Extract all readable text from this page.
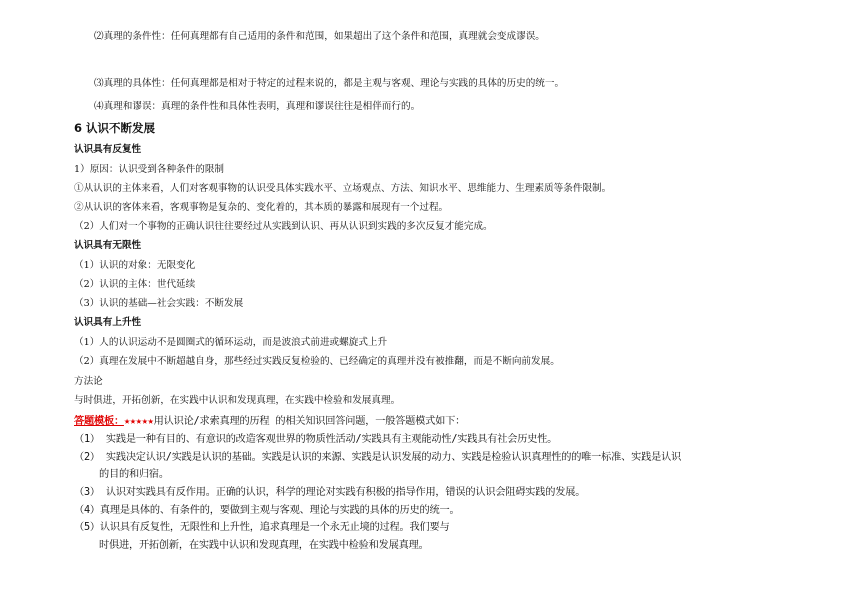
⑵真理的条件性：任何真理都有自己适用的条件和范围，如果超出了这个条件和范围，真理就会变成谬误。
⑶真理的具体性：任何真理都是相对于特定的过程来说的，都是主观与客观、理论与实践的具体的历史的统一。
⑷真理和谬误：真理的条件性和具体性表明，真理和谬误往往是相伴而行的。
6 认识不断发展
认识具有反复性
1）原因：认识受到各种条件的限制
①从认识的主体来看，人们对客观事物的认识受具体实践水平、立场观点、方法、知识水平、思维能力、生理素质等条件限制。
②从认识的客体来看，客观事物是复杂的、变化着的，其本质的暴露和展现有一个过程。
（2）人们对一个事物的正确认识往往要经过从实践到认识、再从认识到实践的多次反复才能完成。
认识具有无限性
（1）认识的对象：无限变化
（2）认识的主体：世代延续
（3）认识的基础—社会实践：不断发展
认识具有上升性
（1）人的认识运动不是圆圈式的循环运动，而是波浪式前进或螺旋式上升
（2）真理在发展中不断超越自身，那些经过实践反复检验的、已经确定的真理并没有被推翻，而是不断向前发展。
方法论
与时俱进，开拓创新，在实践中认识和发现真理，在实践中检验和发展真理。
答题模板：★★★★★用认识论/求索真理的历程 的相关知识回答问题，一般答题模式如下：
（1） 实践是一种有目的、有意识的改造客观世界的物质性活动/实践具有主观能动性/实践具有社会历史性。
（2） 实践决定认识/实践是认识的基础。实践是认识的来源、实践是认识发展的动力、实践是检验认识真理性的的唯一标准、实践是认识
的目的和归宿。
（3） 认识对实践具有反作用。正确的认识，科学的理论对实践有积极的指导作用，错误的认识会阻碍实践的发展。
（4）真理是具体的、有条件的，要做到主观与客观、理论与实践的具体的历史的统一。
（5）认识具有反复性，无限性和上升性，追求真理是一个永无止境的过程。我们要与
时俱进，开拓创新，在实践中认识和发现真理，在实践中检验和发展真理。
